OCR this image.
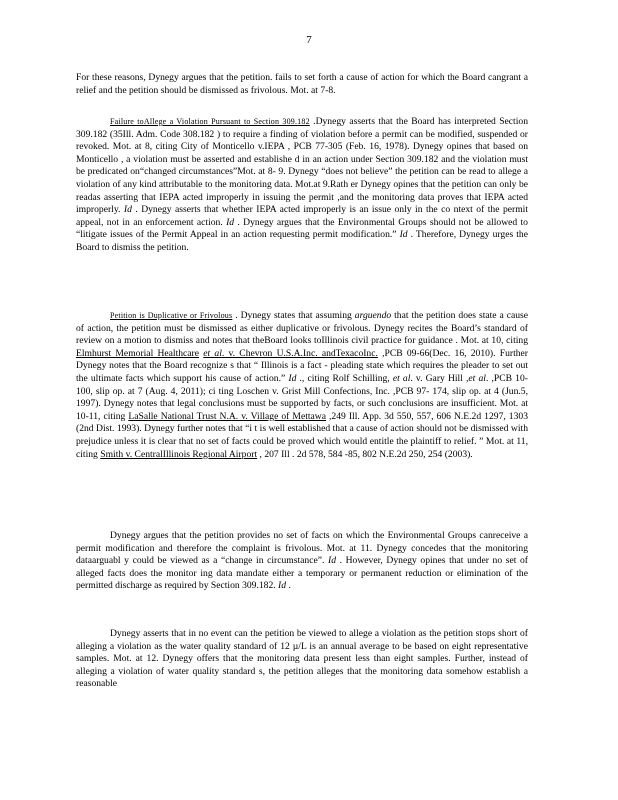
7

For these reasons, Dynegy argues that the petition. fails to set forth a cause of action for which the Board cangrant a relief and the petition should be dismissed as frivolous. Mot. at 7-8.

Failure toAllege a Violation Pursuant to Section 309.182 .Dynegy asserts that the Board has interpreted Section 309.182 (35Ill. Adm. Code 308.182 ) to require a finding of violation before a permit can be modified, suspended or revoked. Mot. at 8, citing City of Monticello v.IEPA , PCB 77-305 (Feb. 16, 1978). Dynegy opines that based on Monticello , a violation must be asserted and establishe d in an action under Section 309.182 and the violation must be predicated on“changed circumstances”Mot. at 8- 9. Dynegy “does not believe” the petition can be read to allege a violation of any kind attributable to the monitoring data. Mot.at 9.Rath er Dynegy opines that the petition can only be readas asserting that IEPA acted improperly in issuing the permit ,and the monitoring data proves that IEPA acted improperly. Id . Dynegy asserts that whether IEPA acted improperly is an issue only in the co ntext of the permit appeal, not in an enforcement action. Id . Dynegy argues that the Environmental Groups should not be allowed to “litigate issues of the Permit Appeal in an action requesting permit modification.” Id . Therefore, Dynegy urges the Board to dismiss the petition.

Petition is Duplicative or Frivolous . Dynegy states that assuming arguendo that the petition does state a cause of action, the petition must be dismissed as either duplicative or frivolous. Dynegy recites the Board’s standard of review on a motion to dismiss and notes that theBoard looks toIllinois civil practice for guidance . Mot. at 10, citing Elmhurst Memorial Healthcare et al. v. Chevron U.S.A.Inc. andTexacoInc. ,PCB 09-66(Dec. 16, 2010). Further Dynegy notes that the Board recognize s that “ Illinois is a fact - pleading state which requires the pleader to set out the ultimate facts which support his cause of action.” Id ., citing Rolf Schilling, et al. v. Gary Hill ,et al. ,PCB 10- 100, slip op. at 7 (Aug. 4, 2011); ci ting Loschen v. Grist Mill Confections, Inc. ,PCB 97- 174, slip op. at 4 (Jun.5, 1997). Dynegy notes that legal conclusions must be supported by facts, or such conclusions are insufficient. Mot. at 10-11, citing LaSalle National Trust N.A. v. Village of Mettawa ,249 Ill. App. 3d 550, 557, 606 N.E.2d 1297, 1303 (2nd Dist. 1993). Dynegy further notes that “i t is well established that a cause of action should not be dismissed with prejudice unless it is clear that no set of facts could be proved which would entitle the plaintiff to relief. ” Mot. at 11, citing Smith v. CentralIllinois Regional Airport , 207 Ill . 2d 578, 584 -85, 802 N.E.2d 250, 254 (2003).

Dynegy argues that the petition provides no set of facts on which the Environmental Groups canreceive a permit modification and therefore the complaint is frivolous. Mot. at 11. Dynegy concedes that the monitoring dataarguabl y could be viewed as a “change in circumstance”. Id . However, Dynegy opines that under no set of alleged facts does the monitor ing data mandate either a temporary or permanent reduction or elimination of the permitted discharge as required by Section 309.182. Id .

Dynegy asserts that in no event can the petition be viewed to allege a violation as the petition stops short of alleging a violation as the water quality standard of 12 µ/L is an annual average to be based on eight representative samples. Mot. at 12. Dynegy offers that the monitoring data present less than eight samples. Further, instead of alleging a violation of water quality standard s, the petition alleges that the monitoring data somehow establish a reasonable
